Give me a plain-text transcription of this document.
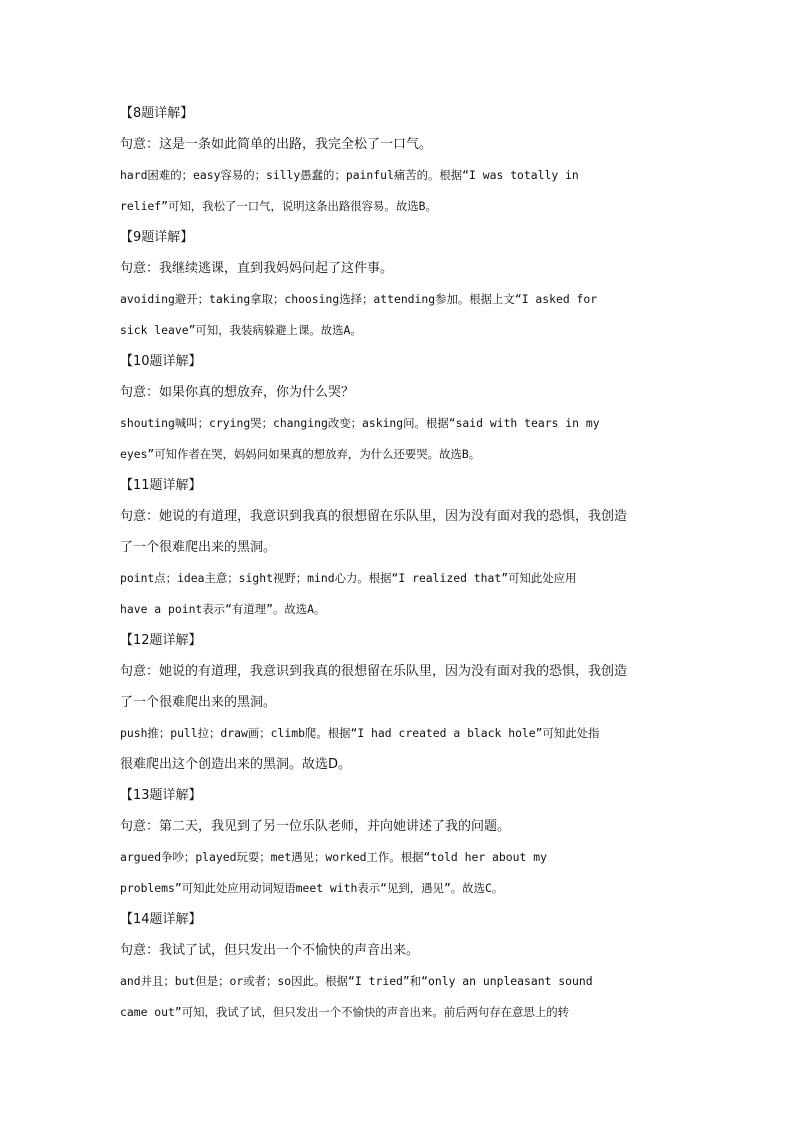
【8题详解】
句意：这是一条如此简单的出路，我完全松了一口气。
hard困难的；easy容易的；silly愚蠢的；painful痛苦的。根据“I was totally in
relief”可知，我松了一口气，说明这条出路很容易。故选B。
【9题详解】
句意：我继续逃课，直到我妈妈问起了这件事。
avoiding避开；taking拿取；choosing选择；attending参加。根据上文“I asked for
sick leave”可知，我装病躲避上课。故选A。
【10题详解】
句意：如果你真的想放弃，你为什么哭？
shouting喊叫；crying哭；changing改变；asking问。根据“said with tears in my
eyes”可知作者在哭，妈妈问如果真的想放弃，为什么还要哭。故选B。
【11题详解】
句意：她说的有道理，我意识到我真的很想留在乐队里，因为没有面对我的恐惧，我创造
了一个很难爬出来的黑洞。
point点；idea主意；sight视野；mind心力。根据“I realized that”可知此处应用
have a point表示“有道理”。故选A。
【12题详解】
句意：她说的有道理，我意识到我真的很想留在乐队里，因为没有面对我的恐惧，我创造
了一个很难爬出来的黑洞。
push推；pull拉；draw画；climb爬。根据“I had created a black hole”可知此处指
很难爬出这个创造出来的黑洞。故选D。
【13题详解】
句意：第二天，我见到了另一位乐队老师，并向她讲述了我的问题。
argued争吵；played玩耍；met遇见；worked工作。根据“told her about my
problems”可知此处应用动词短语meet with表示“见到，遇见”。故选C。
【14题详解】
句意：我试了试，但只发出一个不愉快的声音出来。
and并且；but但是；or或者；so因此。根据“I tried”和“only an unpleasant sound
came out”可知，我试了试，但只发出一个不愉快的声音出来。前后两句存在意思上的转
